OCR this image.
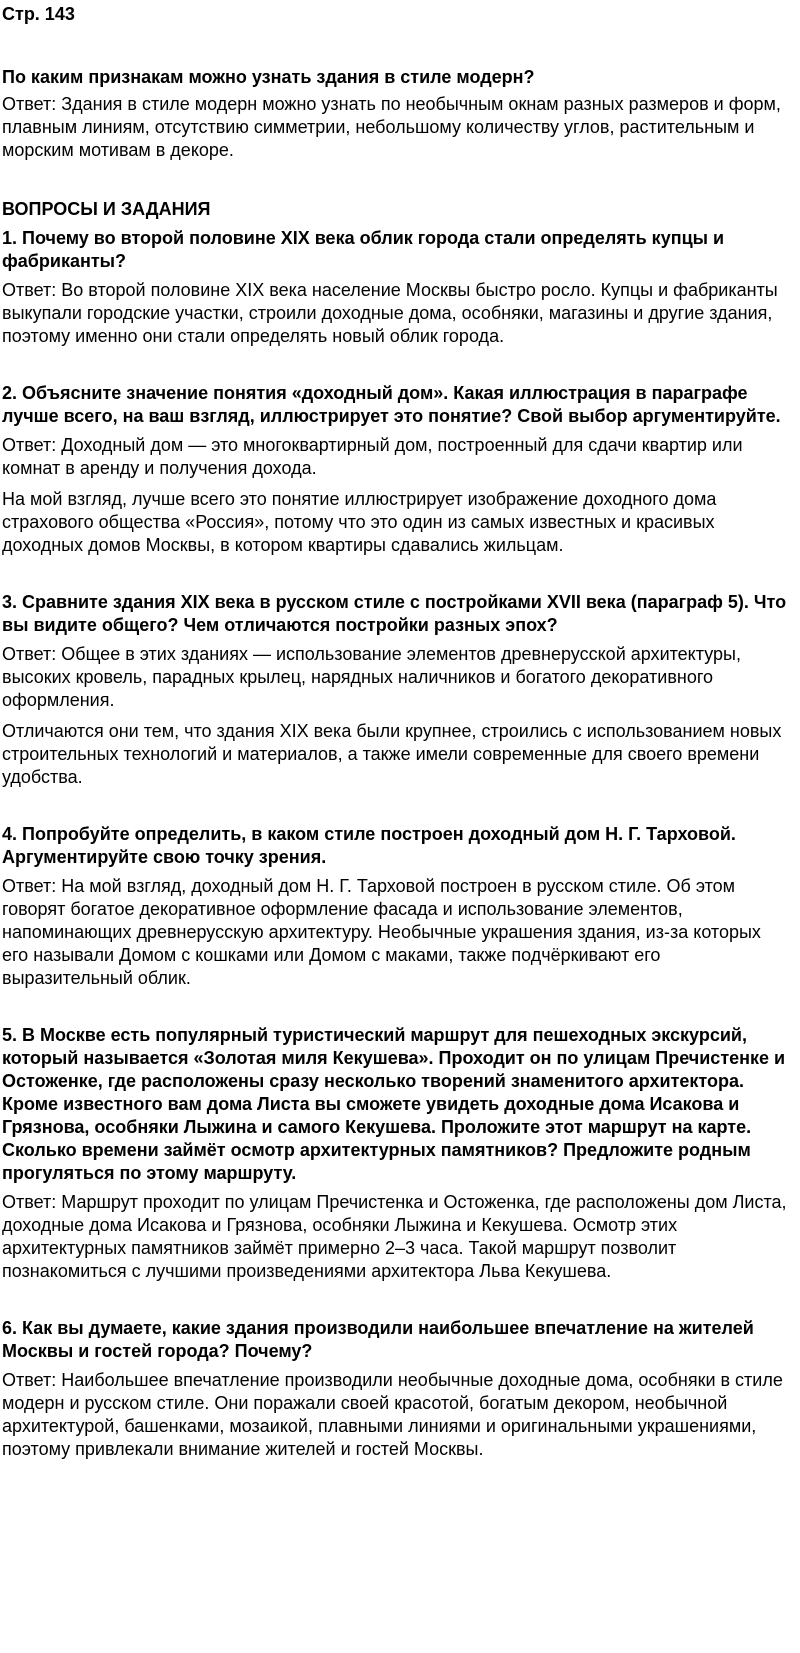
Стр. 143
По каким признакам можно узнать здания в стиле модерн?

Ответ: Здания в стиле модерн можно узнать по необычным окнам разных размеров и форм, плавным линиям, отсутствию симметрии, небольшому количеству углов, растительным и морским мотивам в декоре.

ВОПРОСЫ И ЗАДАНИЯ
1. Почему во второй половине XIX века облик города стали определять купцы и фабриканты?

Ответ: Во второй половине XIX века население Москвы быстро росло. Купцы и фабриканты выкупали городские участки, строили доходные дома, особняки, магазины и другие здания, поэтому именно они стали определять новый облик города.

2. Объясните значение понятия «доходный дом». Какая иллюстрация в параграфе лучше всего, на ваш взгляд, иллюстрирует это понятие? Свой выбор аргументируйте.

Ответ: Доходный дом — это многоквартирный дом, построенный для сдачи квартир или комнат в аренду и получения дохода.

На мой взгляд, лучше всего это понятие иллюстрирует изображение доходного дома страхового общества «Россия», потому что это один из самых известных и красивых доходных домов Москвы, в котором квартиры сдавались жильцам.

3. Сравните здания XIX века в русском стиле с постройками XVII века (параграф 5). Что вы видите общего? Чем отличаются постройки разных эпох?

Ответ: Общее в этих зданиях — использование элементов древнерусской архитектуры, высоких кровель, парадных крылец, нарядных наличников и богатого декоративного оформления.

Отличаются они тем, что здания XIX века были крупнее, строились с использованием новых строительных технологий и материалов, а также имели современные для своего времени удобства.

4. Попробуйте определить, в каком стиле построен доходный дом Н. Г. Тарховой. Аргументируйте свою точку зрения.

Ответ: На мой взгляд, доходный дом Н. Г. Тарховой построен в русском стиле. Об этом говорят богатое декоративное оформление фасада и использование элементов, напоминающих древнерусскую архитектуру. Необычные украшения здания, из-за которых его называли Домом с кошками или Домом с маками, также подчёркивают его выразительный облик.

5. В Москве есть популярный туристический маршрут для пешеходных экскурсий, который называется «Золотая миля Кекушева». Проходит он по улицам Пречистенке и Остоженке, где расположены сразу несколько творений знаменитого архитектора. Кроме известного вам дома Листа вы сможете увидеть доходные дома Исакова и Грязнова, особняки Лыжина и самого Кекушева. Проложите этот маршрут на карте. Сколько времени займёт осмотр архитектурных памятников? Предложите родным прогуляться по этому маршруту.

Ответ: Маршрут проходит по улицам Пречистенка и Остоженка, где расположены дом Листа, доходные дома Исакова и Грязнова, особняки Лыжина и Кекушева. Осмотр этих архитектурных памятников займёт примерно 2–3 часа. Такой маршрут позволит познакомиться с лучшими произведениями архитектора Льва Кекушева.

6. Как вы думаете, какие здания производили наибольшее впечатление на жителей Москвы и гостей города? Почему?

Ответ: Наибольшее впечатление производили необычные доходные дома, особняки в стиле модерн и русском стиле. Они поражали своей красотой, богатым декором, необычной архитектурой, башенками, мозаикой, плавными линиями и оригинальными украшениями, поэтому привлекали внимание жителей и гостей Москвы.
